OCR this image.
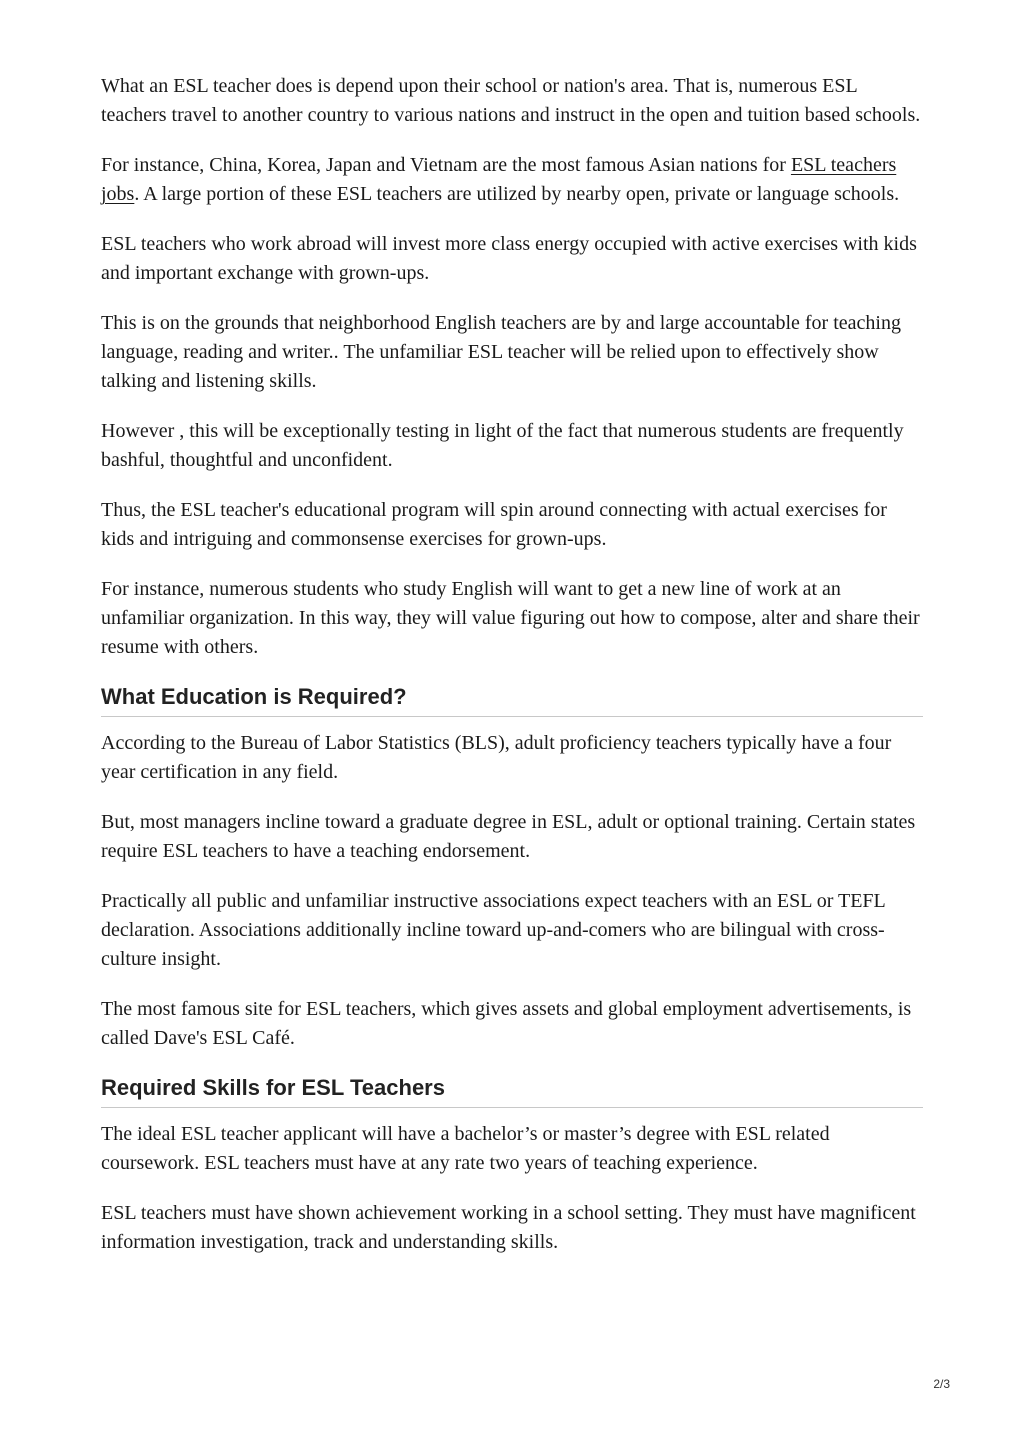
What an ESL teacher does is depend upon their school or nation's area. That is, numerous ESL teachers travel to another country to various nations and instruct in the open and tuition based schools.

For instance, China, Korea, Japan and Vietnam are the most famous Asian nations for ESL teachers jobs. A large portion of these ESL teachers are utilized by nearby open, private or language schools.

ESL teachers who work abroad will invest more class energy occupied with active exercises with kids and important exchange with grown-ups.

This is on the grounds that neighborhood English teachers are by and large accountable for teaching language, reading and writer.. The unfamiliar ESL teacher will be relied upon to effectively show talking and listening skills.

However , this will be exceptionally testing in light of the fact that numerous students are frequently bashful, thoughtful and unconfident.

Thus, the ESL teacher's educational program will spin around connecting with actual exercises for kids and intriguing and commonsense exercises for grown-ups.

For instance, numerous students who study English will want to get a new line of work at an unfamiliar organization. In this way, they will value figuring out how to compose, alter and share their resume with others.

What Education is Required?

According to the Bureau of Labor Statistics (BLS), adult proficiency teachers typically have a four year certification in any field.

But, most managers incline toward a graduate degree in ESL, adult or optional training. Certain states require ESL teachers to have a teaching endorsement.

Practically all public and unfamiliar instructive associations expect teachers with an ESL or TEFL declaration. Associations additionally incline toward up-and-comers who are bilingual with cross-culture insight.

The most famous site for ESL teachers, which gives assets and global employment advertisements, is called Dave's ESL Café.

Required Skills for ESL Teachers

The ideal ESL teacher applicant will have a bachelor’s or master’s degree with ESL related coursework. ESL teachers must have at any rate two years of teaching experience.

ESL teachers must have shown achievement working in a school setting. They must have magnificent information investigation, track and understanding skills.

2/3
